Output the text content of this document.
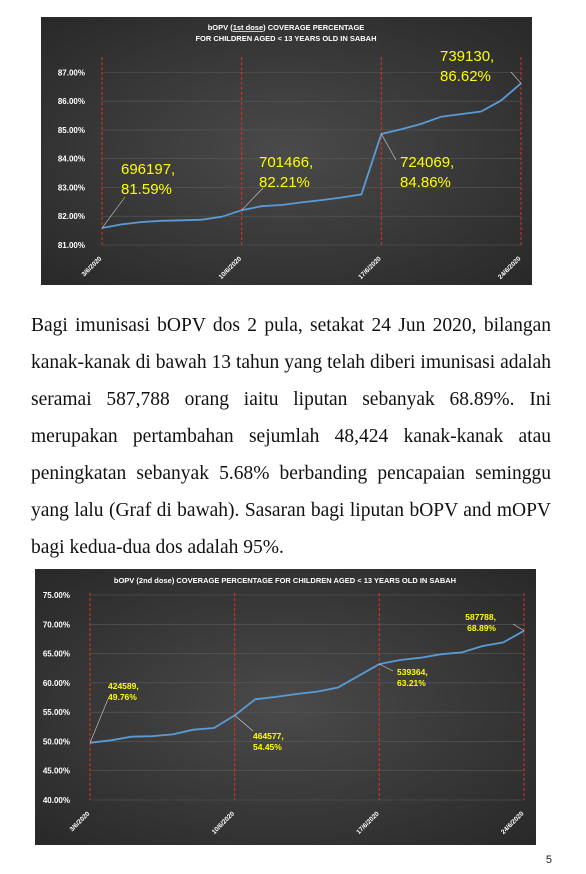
bOPV (1st dose) COVERAGE PERCENTAGE
FOR CHILDREN AGED < 13 YEARS OLD IN SABAH
87.00%
86.00%
85.00%
84.00%
83.00%
82.00%
81.00%
3/6/2020	10/6/2020	17/6/2020	24/6/2020
696197,
81.59%
701466,
82.21%
724069,
84.86%
739130,
86.62%

Bagi imunisasi bOPV dos 2 pula, setakat 24 Jun 2020, bilangan kanak-kanak di bawah 13 tahun yang telah diberi imunisasi adalah seramai 587,788 orang iaitu liputan sebanyak 68.89%. Ini merupakan pertambahan sejumlah 48,424 kanak-kanak atau peningkatan sebanyak 5.68% berbanding pencapaian seminggu yang lalu (Graf di bawah). Sasaran bagi liputan bOPV and mOPV bagi kedua-dua dos adalah 95%.

bOPV (2nd dose) COVERAGE PERCENTAGE FOR CHILDREN AGED < 13 YEARS OLD IN SABAH
75.00%
70.00%
65.00%
60.00%
55.00%
50.00%
45.00%
40.00%
3/6/2020	10/6/2020	17/6/2020	24/6/2020
424589,
49.76%
464577,
54.45%
539364,
63.21%
587788,
68.89%
5
